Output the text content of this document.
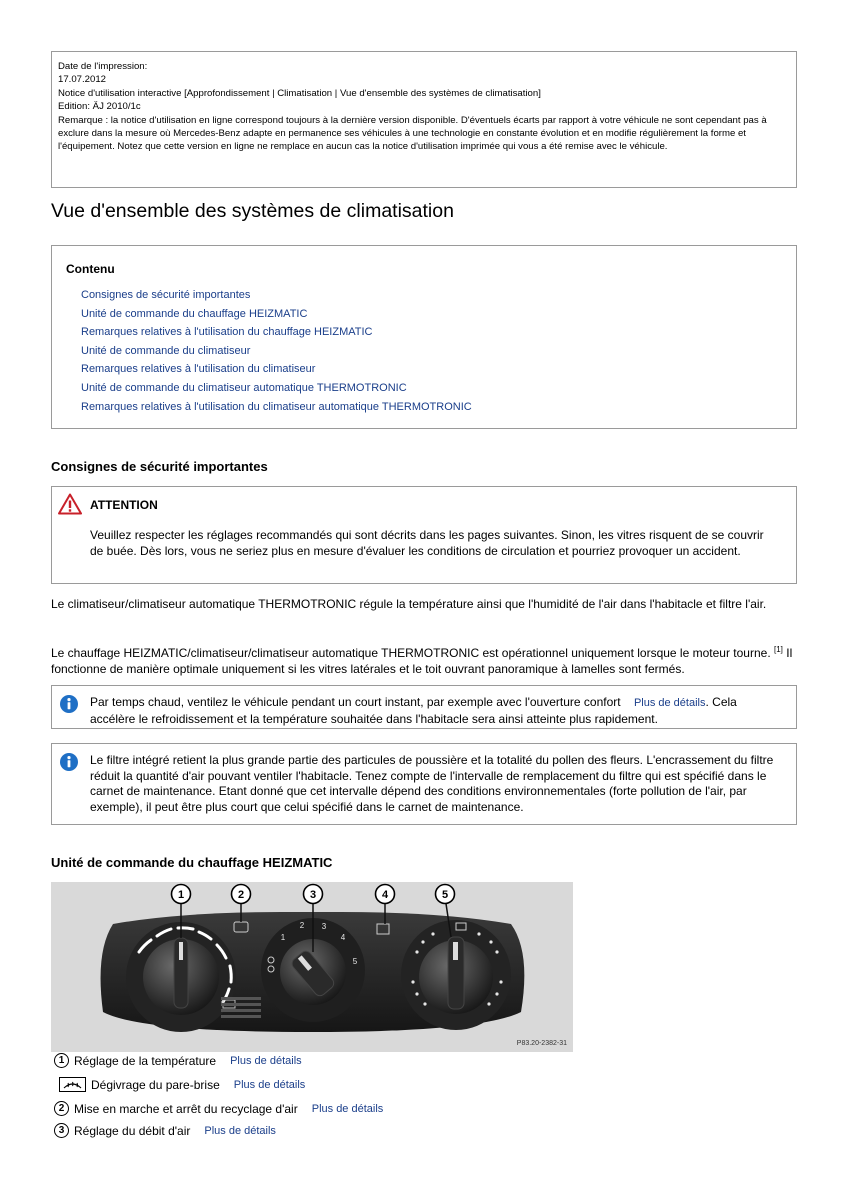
Date de l'impression:
17.07.2012
Notice d'utilisation interactive [Approfondissement | Climatisation | Vue d'ensemble des systèmes de climatisation]
Edition: ÄJ 2010/1c
Remarque : la notice d'utilisation en ligne correspond toujours à la dernière version disponible. D'éventuels écarts par rapport à votre véhicule ne sont cependant pas à exclure dans la mesure où Mercedes-Benz adapte en permanence ses véhicules à une technologie en constante évolution et en modifie régulièrement la forme et l'équipement. Notez que cette version en ligne ne remplace en aucun cas la notice d'utilisation imprimée qui vous a été remise avec le véhicule.
Vue d'ensemble des systèmes de climatisation
Contenu
Consignes de sécurité importantes
Unité de commande du chauffage HEIZMATIC
Remarques relatives à l'utilisation du chauffage HEIZMATIC
Unité de commande du climatiseur
Remarques relatives à l'utilisation du climatiseur
Unité de commande du climatiseur automatique THERMOTRONIC
Remarques relatives à l'utilisation du climatiseur automatique THERMOTRONIC
Consignes de sécurité importantes
ATTENTION
Veuillez respecter les réglages recommandés qui sont décrits dans les pages suivantes. Sinon, les vitres risquent de se couvrir de buée. Dès lors, vous ne seriez plus en mesure d'évaluer les conditions de circulation et pourriez provoquer un accident.
Le climatiseur/climatiseur automatique THERMOTRONIC régule la température ainsi que l'humidité de l'air dans l'habitacle et filtre l'air.
Le chauffage HEIZMATIC/climatiseur/climatiseur automatique THERMOTRONIC est opérationnel uniquement lorsque le moteur tourne. [1] Il fonctionne de manière optimale uniquement si les vitres latérales et le toit ouvrant panoramique à lamelles sont fermés.
Par temps chaud, ventilez le véhicule pendant un court instant, par exemple avec l'ouverture confort Plus de détails. Cela accélère le refroidissement et la température souhaitée dans l'habitacle sera ainsi atteinte plus rapidement.
Le filtre intégré retient la plus grande partie des particules de poussière et la totalité du pollen des fleurs. L'encrassement du filtre réduit la quantité d'air pouvant ventiler l'habitacle. Tenez compte de l'intervalle de remplacement du filtre qui est spécifié dans le carnet de maintenance. Etant donné que cet intervalle dépend des conditions environnementales (forte pollution de l'air, par exemple), il peut être plus court que celui spécifié dans le carnet de maintenance.
Unité de commande du chauffage HEIZMATIC
1
2 3
4
5
1	2	3	4	5
P83.20-2382-31
1 Réglage de la température Plus de détails
Dégivrage du pare-brise Plus de détails
2 Mise en marche et arrêt du recyclage d'air Plus de détails
3 Réglage du débit d'air Plus de détails
